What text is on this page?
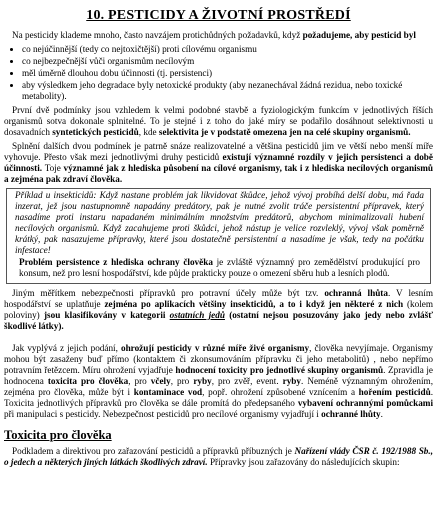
10. PESTICIDY A ŽIVOTNÍ PROSTŘEDÍ

Na pesticidy klademe mnoho, často navzájem protichůdných požadavků, když požadujeme, aby pesticid byl

• co nejúčinnější (tedy co nejtoxičtější) proti cílovému organismu
• co nejbezpečnější vůči organismům necílovým
• měl úměrně dlouhou dobu účinnosti (tj. persistenci)
• aby výsledkem jeho degradace byly netoxické produkty (aby nezanechával žádná rezidua, nebo toxické metabolity).

První dvě podmínky jsou vzhledem k velmi podobné stavbě a fyziologickým funkcím v jednotlivých říších organismů sotva dokonale splnitelné. To je stejné i z toho do jaké míry se podařilo dosáhnout selektivnosti u dosavadních syntetických pesticidů, kde selektivita je v podstatě omezena jen na celé skupiny organismů.

Splnění dalších dvou podmínek je patrně snáze realizovatelné a většina pesticidů jim ve větší nebo menší míře vyhovuje. Přesto však mezi jednotlivými druhy pesticidů existují významné rozdíly v jejich persistenci a době účinnosti. Toje významné jak z hlediska působení na cílové organismy, tak i z hlediska necílových organismů a zejména pak zdraví člověka.

Příklad u insekticidů: Když nastane problém jak likvidovat škůdce, jehož vývoj probíhá delší dobu, má řada inzerat, jež jsou nastupnomně napadány predátory, pak je nutné zvolit tráče persistentní přípravek, který nasadíme proti instaru napadaném minimálním množstvím predátorů, abychom minimalizovali hubení necílových organismů. Když zacahujeme proti škůdci, jehož nástup je velice rozvleklý, vývoj však poměrně krátký, pak nasazujeme přípravky, které jsou dostatečně persistentní a nasadíme je však, tedy na počátku infestace!

Problém persistence z hlediska ochrany člověka je zvláště významný pro zemědělství produkující pro konsum, než pro lesní hospodářství, kde půjde prakticky pouze o omezení sběru hub a lesních plodů.

Jiným měřítkem nebezpečnosti přípravků pro potravní účely může být tzv. ochranná lhůta. V lesním hospodářství se uplatňuje zejména po aplikacích většiny insekticidů, a to i když jen některé z nich (kolem poloviny) jsou klasifikovány v kategorii ostatních jedů (ostatní nejsou posuzovány jako jedy nebo zvlášť škodlivé látky).

Jak vyplývá z jejich podání, ohrožují pesticidy v různé míře živé organismy, člověka nevyjímaje. Organismy mohou být zasaženy buď přímo (kontaktem či zkonsumováním přípravku či jeho metabolitů) , nebo nepřímo potravním řetězcem. Míru ohrožení vyjadřuje hodnocení toxicity pro jednotlivé skupiny organismů. Zpravidla je hodnocena toxicita pro člověka, pro včely, pro ryby, pro zvěř, event. ryby. Neméně významným ohrožením, zejména pro člověka, může být i kontaminace vod, popř. ohrožení způsobené vznícením a hořením pesticidů. Toxicita jednotlivých přípravků pro člověka se dále promítá do předepsaného vybavení ochrannými pomůckami při manipulaci s pesticidy. Nebezpečnost pesticidů pro necílové organismy vyjadřují i ochranné lhůty.

Toxicita pro člověka

Podkladem a direktivou pro zařazování pesticidů a přípravků příbuzných je Nařízení vlády ČSR č. 192/1988 Sb., o jedech a některých jiných látkách škodlivých zdraví. Přípravky jsou zařazovány do následujících skupin:
